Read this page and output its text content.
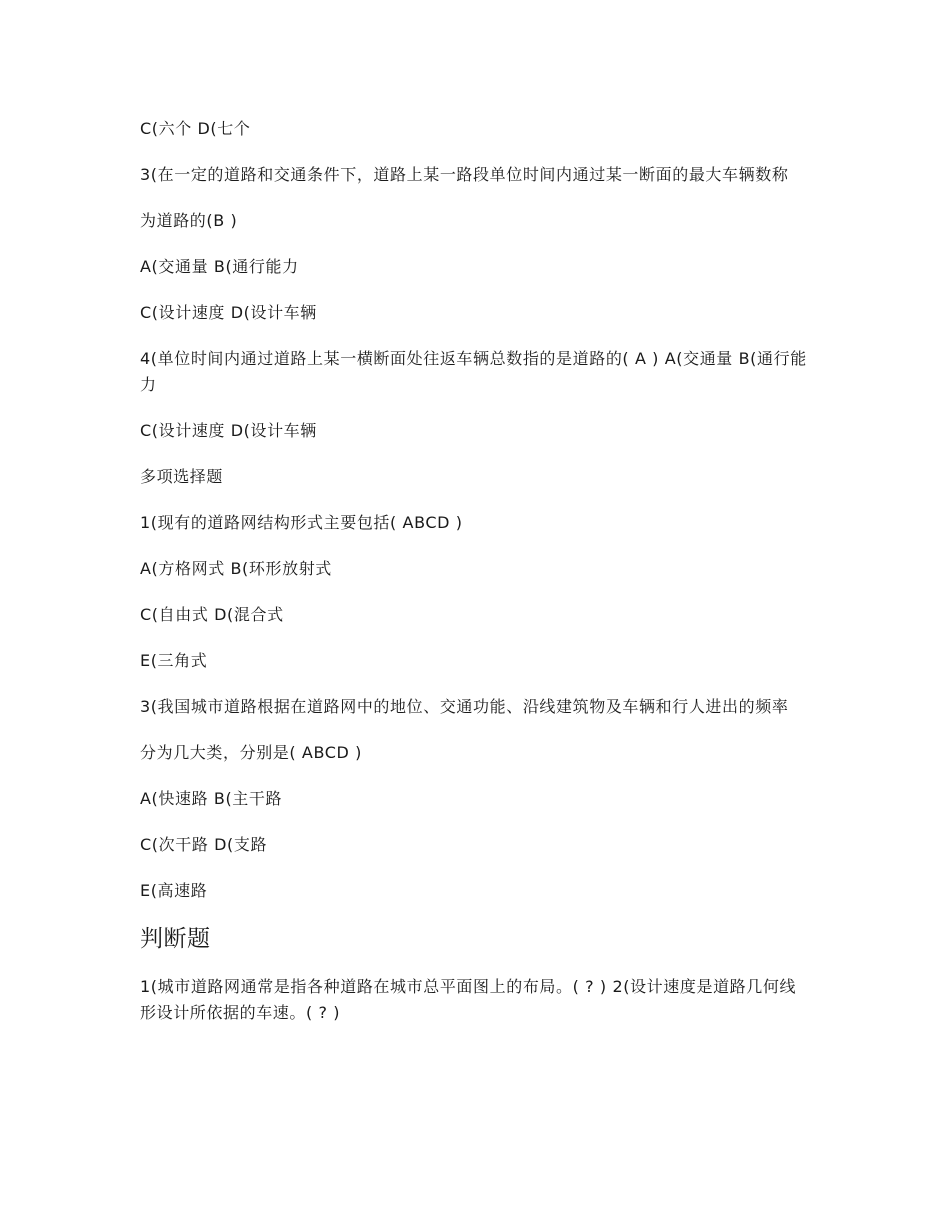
C(六个 D(七个

3(在一定的道路和交通条件下，道路上某一路段单位时间内通过某一断面的最大车辆数称

为道路的(B )

A(交通量 B(通行能力

C(设计速度 D(设计车辆

4(单位时间内通过道路上某一横断面处往返车辆总数指的是道路的( A ) A(交通量 B(通行能力

C(设计速度 D(设计车辆

多项选择题

1(现有的道路网结构形式主要包括( ABCD )

A(方格网式 B(环形放射式

C(自由式 D(混合式

E(三角式

3(我国城市道路根据在道路网中的地位、交通功能、沿线建筑物及车辆和行人进出的频率

分为几大类，分别是( ABCD )

A(快速路 B(主干路

C(次干路 D(支路

E(高速路

判断题

1(城市道路网通常是指各种道路在城市总平面图上的布局。( ? ) 2(设计速度是道路几何线形设计所依据的车速。( ? )
